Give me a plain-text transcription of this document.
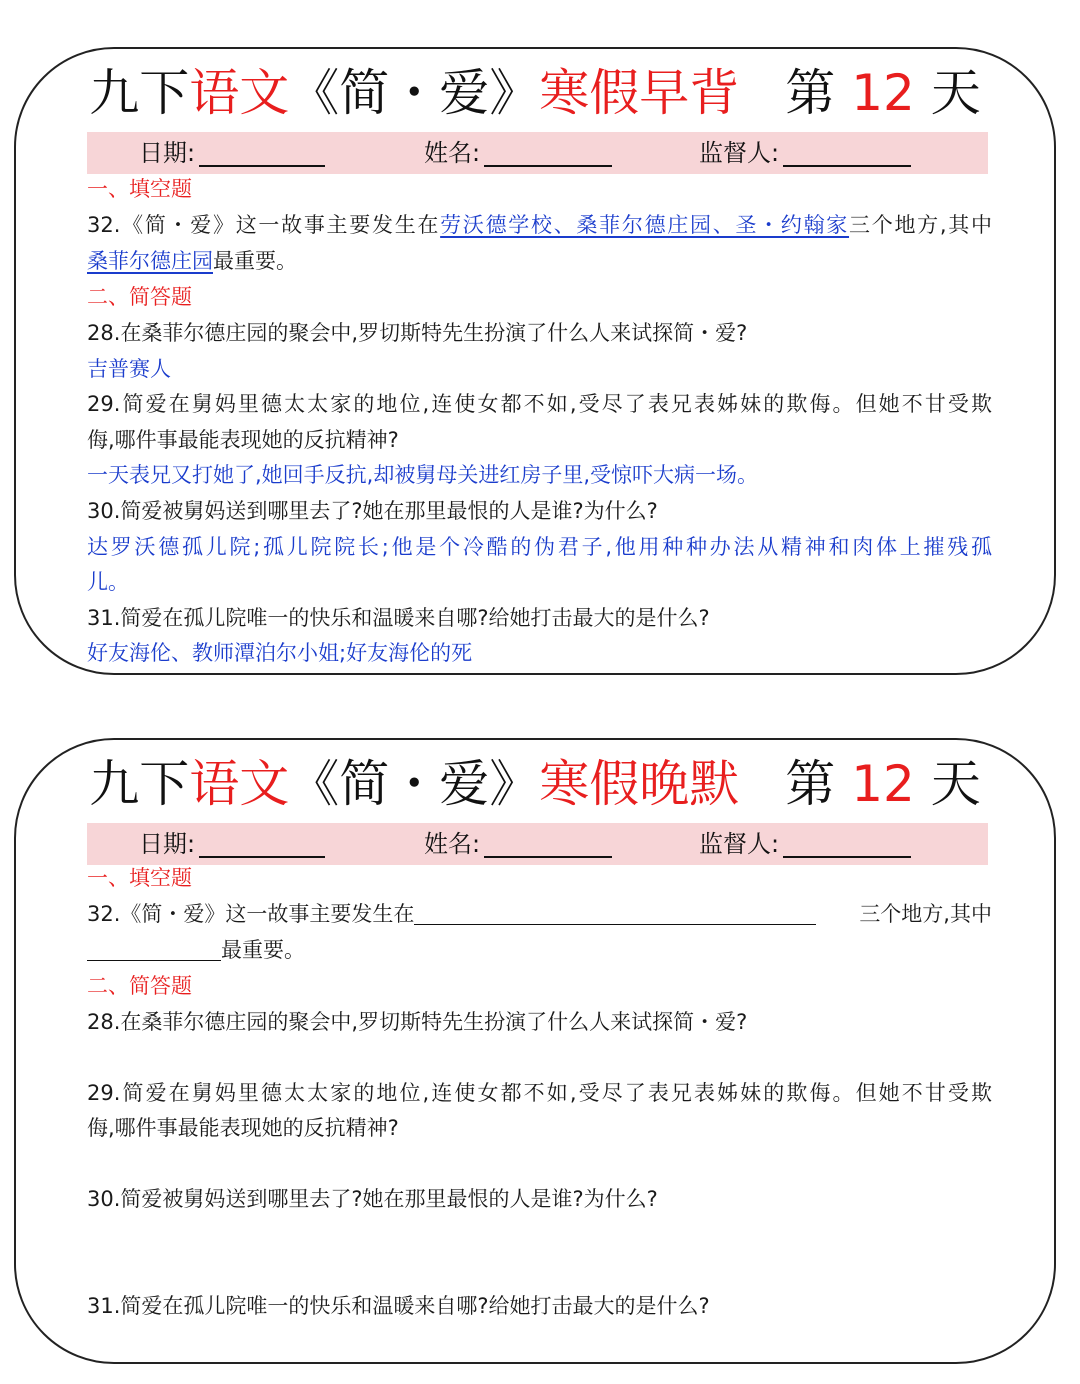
九下语文《简・爱》寒假早背 第 12 天
日期:	姓名:	监督人:
一、填空题
32.《简・爱》这一故事主要发生在劳沃德学校、桑菲尔德庄园、圣・约翰家三个地方,其中
桑菲尔德庄园最重要。
二、简答题
28.在桑菲尔德庄园的聚会中,罗切斯特先生扮演了什么人来试探简・爱?
吉普赛人
29.简爱在舅妈里德太太家的地位,连使女都不如,受尽了表兄表姊妹的欺侮。但她不甘受欺
侮,哪件事最能表现她的反抗精神?
一天表兄又打她了,她回手反抗,却被舅母关进红房子里,受惊吓大病一场。
30.简爱被舅妈送到哪里去了?她在那里最恨的人是谁?为什么?
达罗沃德孤儿院;孤儿院院长;他是个冷酷的伪君子,他用种种办法从精神和肉体上摧残孤
儿。
31.简爱在孤儿院唯一的快乐和温暖来自哪?给她打击最大的是什么?
好友海伦、教师潭泊尔小姐;好友海伦的死
九下语文《简・爱》寒假晚默 第 12 天
日期:	姓名:	监督人:
一、填空题
32.《简・爱》这一故事主要发生在	三个地方,其中
最重要。
二、简答题
28.在桑菲尔德庄园的聚会中,罗切斯特先生扮演了什么人来试探简・爱?
29.简爱在舅妈里德太太家的地位,连使女都不如,受尽了表兄表姊妹的欺侮。但她不甘受欺
侮,哪件事最能表现她的反抗精神?
30.简爱被舅妈送到哪里去了?她在那里最恨的人是谁?为什么?
31.简爱在孤儿院唯一的快乐和温暖来自哪?给她打击最大的是什么?
